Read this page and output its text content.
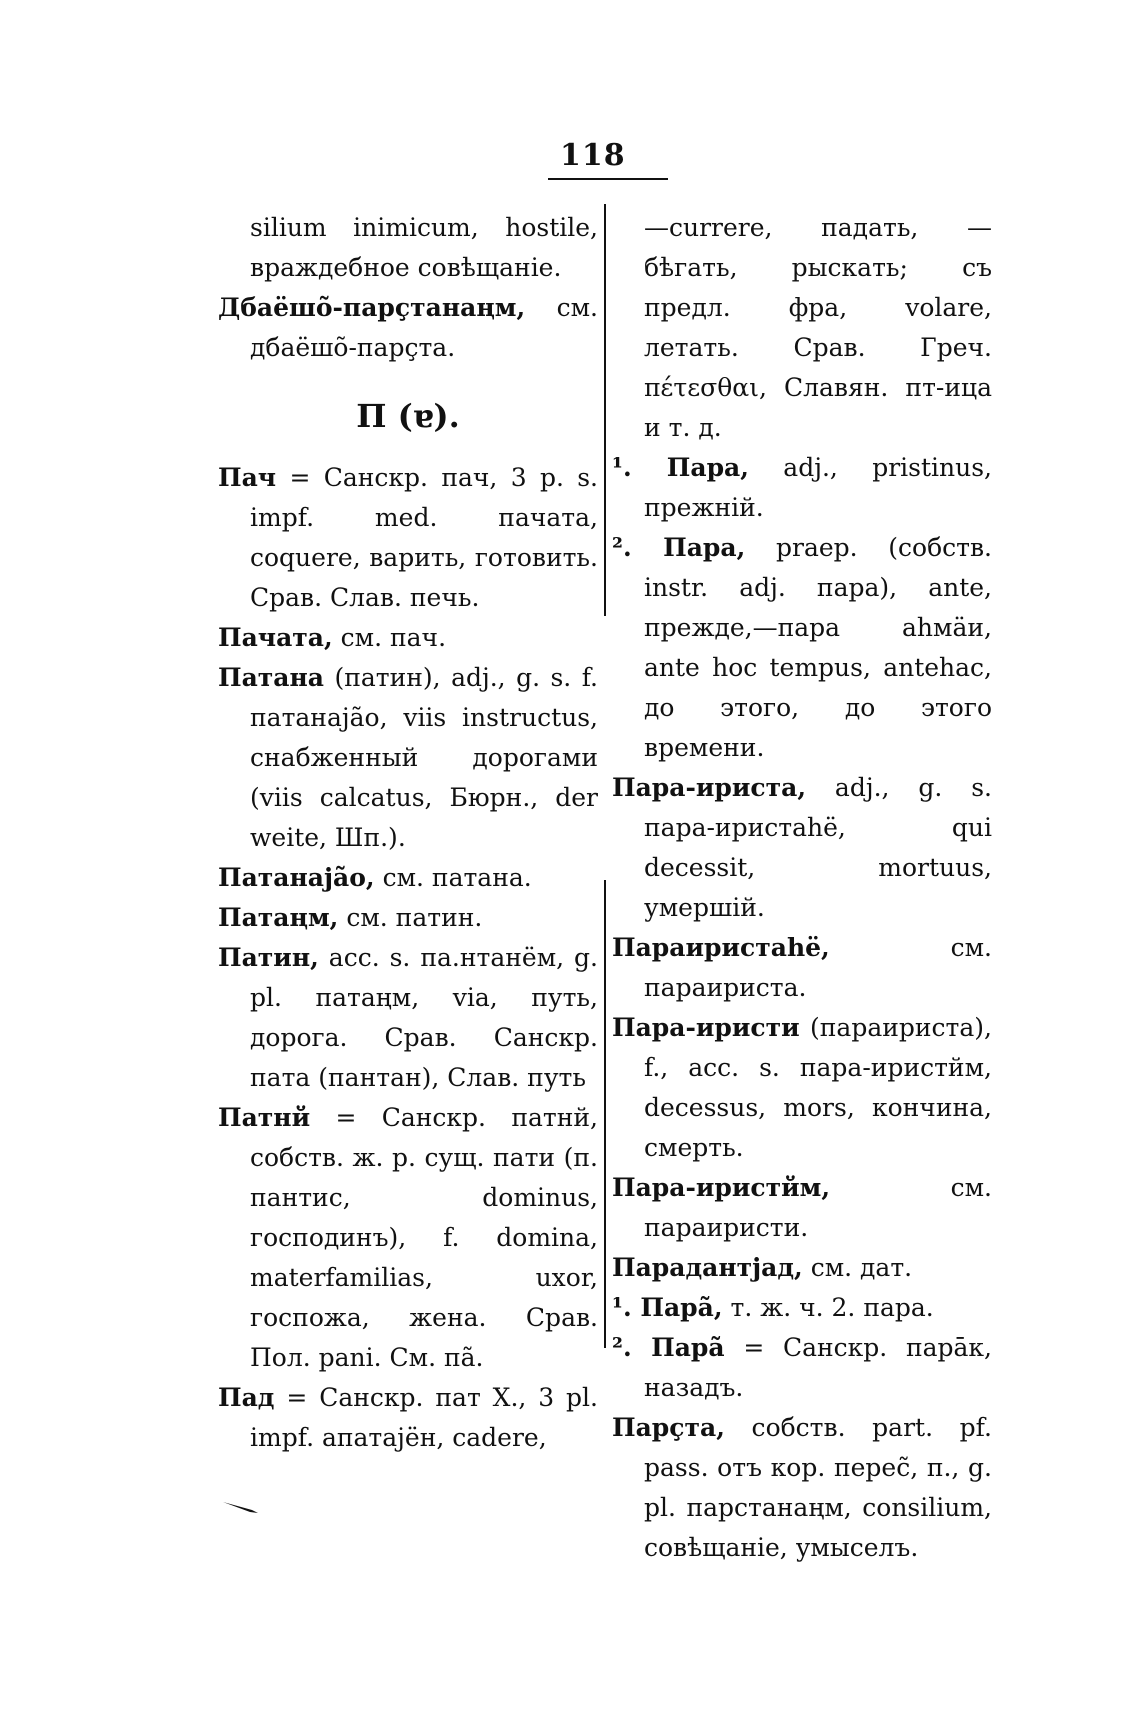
118
silium inimicum, hostile, враждебное совѣщаніе.
Дбаёшõ-парçтанаңм, см. дбаёшõ-парçта.
П (ɐ).
Пач = Санскр. пач, 3 p. s. impf. med. пачата, coquere, варить, готовить. Срав. Слав. печь.
Пачата, см. пач.
Патана (патин), adj., g. s. f. патанаjão, viis instructus, снабженный дорогами (viis calcatus, Бюрн., der weite, Шп.).
Патанаjão, см. патана.
Патаңм, см. патин.
Патин, acc. s. па.нтанём, g. pl. патаңм, via, путь, дорога. Срав. Санскр. пата (пантан), Слав. путь
Патнй = Санскр. патнй, собств. ж. р. сущ. пати (п. пантис, dominus, господинъ), f. domina, materfamilias, uxor, госпожа, жена. Срав. Пол. pani. См. па̃.
Пад = Санскр. пат X., 3 pl. impf. апатаjён, cadere,
—currere, падать, — бѣгать, рыскать; съ предл. фра, volare, летать. Срав. Греч. πέτεσθαι, Славян. пт-ица и т. д.
¹. Пара, adj., pristinus, прежній.
². Пара, praep. (собств. instr. adj. пара), ante, прежде,—пара аhмäи, ante hoc tempus, antehac, до этого, до этого времени.
Пара-ириста, adj., g. s. пара-иристаhё, qui decessit, mortuus, умершій.
Параиристаhё, см. параириста.
Пара-иристи (параириста), f., acc. s. пара-иристйм, decessus, mors, кончина, смерть.
Пара-иристйм, см. параиристи.
Парадантjад, см. дат.
¹. Пара̃, т. ж. ч. 2. пара.
². Пара̃ = Санскр. парāк, назадъ.
Парçта, собств. part. pf. pass. отъ кор. перес̃, п., g. pl. парстанаңм, consilium, совѣщаніе, умыселъ.
